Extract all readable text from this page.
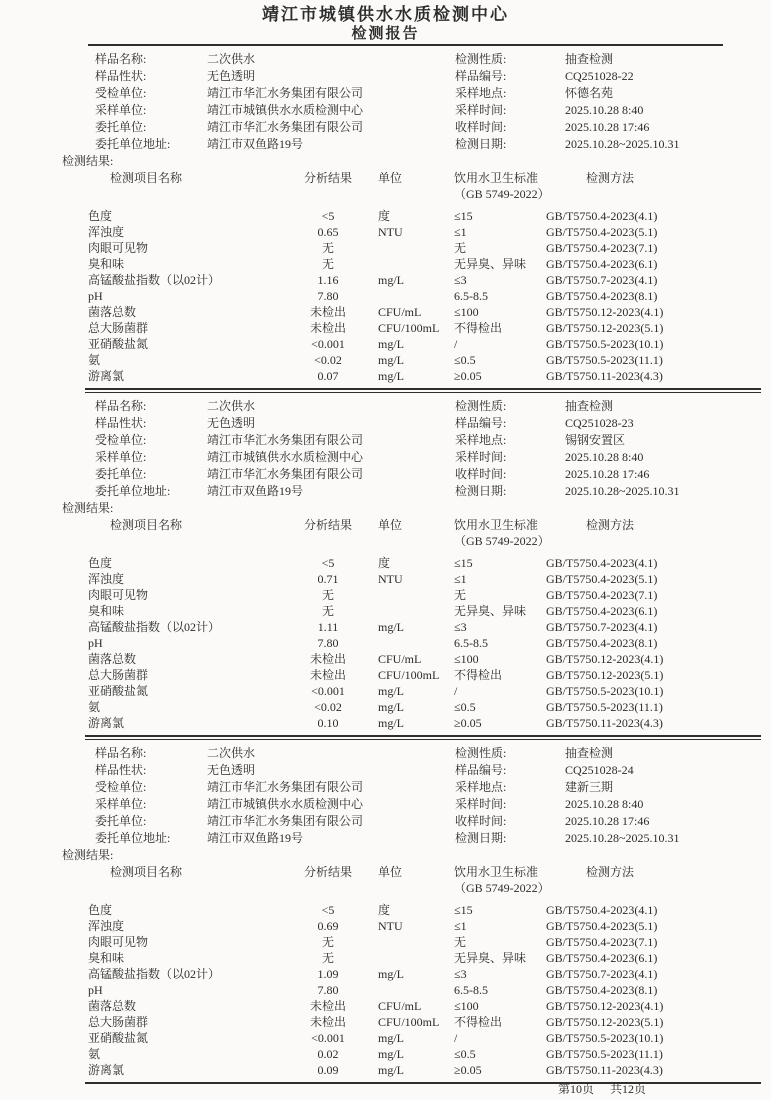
靖江市城镇供水水质检测中心
检测报告
样品名称:	二次供水	检测性质:	抽查检测
样品性状:	无色透明	样品编号:	CQ251028-22
受检单位:	靖江市华汇水务集团有限公司	采样地点:	怀德名苑
采样单位:	靖江市城镇供水水质检测中心	采样时间:	2025.10.28 8:40
委托单位:	靖江市华汇水务集团有限公司	收样时间:	2025.10.28 17:46
委托单位地址:	靖江市双鱼路19号	检测日期:	2025.10.28~2025.10.31
检测结果:
检测项目名称	分析结果	单位	饮用水卫生标准
（GB 5749-2022）	检测方法
色度	<5	度	≤15	GB/T5750.4-2023(4.1)
浑浊度	0.65	NTU	≤1	GB/T5750.4-2023(5.1)
肉眼可见物	无		无	GB/T5750.4-2023(7.1)
臭和味	无		无异臭、异味	GB/T5750.4-2023(6.1)
高锰酸盐指数（以02计）	1.16	mg/L	≤3	GB/T5750.7-2023(4.1)
pH	7.80		6.5-8.5	GB/T5750.4-2023(8.1)
菌落总数	未检出	CFU/mL	≤100	GB/T5750.12-2023(4.1)
总大肠菌群	未检出	CFU/100mL	不得检出	GB/T5750.12-2023(5.1)
亚硝酸盐氮	<0.001	mg/L	/	GB/T5750.5-2023(10.1)
氨	<0.02	mg/L	≤0.5	GB/T5750.5-2023(11.1)
游离氯	0.07	mg/L	≥0.05	GB/T5750.11-2023(4.3)
样品名称:	二次供水	检测性质:	抽查检测
样品性状:	无色透明	样品编号:	CQ251028-23
受检单位:	靖江市华汇水务集团有限公司	采样地点:	锡钢安置区
采样单位:	靖江市城镇供水水质检测中心	采样时间:	2025.10.28 8:40
委托单位:	靖江市华汇水务集团有限公司	收样时间:	2025.10.28 17:46
委托单位地址:	靖江市双鱼路19号	检测日期:	2025.10.28~2025.10.31
检测结果:
检测项目名称	分析结果	单位	饮用水卫生标准
（GB 5749-2022）	检测方法
色度	<5	度	≤15	GB/T5750.4-2023(4.1)
浑浊度	0.71	NTU	≤1	GB/T5750.4-2023(5.1)
肉眼可见物	无		无	GB/T5750.4-2023(7.1)
臭和味	无		无异臭、异味	GB/T5750.4-2023(6.1)
高锰酸盐指数（以02计）	1.11	mg/L	≤3	GB/T5750.7-2023(4.1)
pH	7.80		6.5-8.5	GB/T5750.4-2023(8.1)
菌落总数	未检出	CFU/mL	≤100	GB/T5750.12-2023(4.1)
总大肠菌群	未检出	CFU/100mL	不得检出	GB/T5750.12-2023(5.1)
亚硝酸盐氮	<0.001	mg/L	/	GB/T5750.5-2023(10.1)
氨	<0.02	mg/L	≤0.5	GB/T5750.5-2023(11.1)
游离氯	0.10	mg/L	≥0.05	GB/T5750.11-2023(4.3)
样品名称:	二次供水	检测性质:	抽查检测
样品性状:	无色透明	样品编号:	CQ251028-24
受检单位:	靖江市华汇水务集团有限公司	采样地点:	建新三期
采样单位:	靖江市城镇供水水质检测中心	采样时间:	2025.10.28 8:40
委托单位:	靖江市华汇水务集团有限公司	收样时间:	2025.10.28 17:46
委托单位地址:	靖江市双鱼路19号	检测日期:	2025.10.28~2025.10.31
检测结果:
检测项目名称	分析结果	单位	饮用水卫生标准
（GB 5749-2022）	检测方法
色度	<5	度	≤15	GB/T5750.4-2023(4.1)
浑浊度	0.69	NTU	≤1	GB/T5750.4-2023(5.1)
肉眼可见物	无		无	GB/T5750.4-2023(7.1)
臭和味	无		无异臭、异味	GB/T5750.4-2023(6.1)
高锰酸盐指数（以02计）	1.09	mg/L	≤3	GB/T5750.7-2023(4.1)
pH	7.80		6.5-8.5	GB/T5750.4-2023(8.1)
菌落总数	未检出	CFU/mL	≤100	GB/T5750.12-2023(4.1)
总大肠菌群	未检出	CFU/100mL	不得检出	GB/T5750.12-2023(5.1)
亚硝酸盐氮	<0.001	mg/L	/	GB/T5750.5-2023(10.1)
氨	0.02	mg/L	≤0.5	GB/T5750.5-2023(11.1)
游离氯	0.09	mg/L	≥0.05	GB/T5750.11-2023(4.3)
第10页 共12页
